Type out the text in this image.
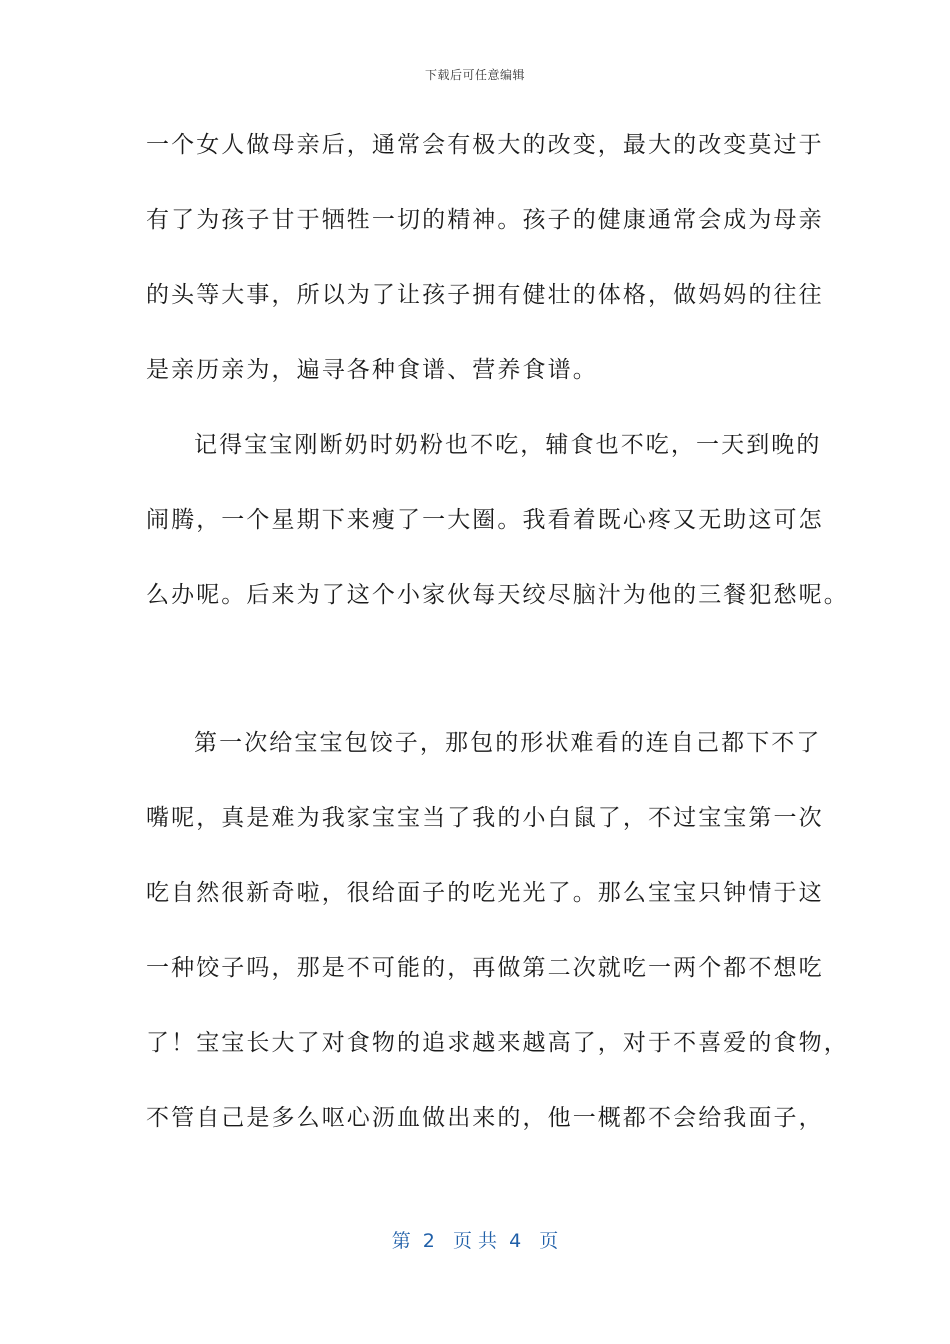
下载后可任意编辑
一个女人做母亲后，通常会有极大的改变，最大的改变莫过于
有了为孩子甘于牺牲一切的精神。孩子的健康通常会成为母亲
的头等大事，所以为了让孩子拥有健壮的体格，做妈妈的往往
是亲历亲为，遍寻各种食谱、营养食谱。
记得宝宝刚断奶时奶粉也不吃，辅食也不吃，一天到晚的
闹腾，一个星期下来瘦了一大圈。我看着既心疼又无助这可怎
么办呢。后来为了这个小家伙每天绞尽脑汁为他的三餐犯愁呢。
第一次给宝宝包饺子，那包的形状难看的连自己都下不了
嘴呢，真是难为我家宝宝当了我的小白鼠了，不过宝宝第一次
吃自然很新奇啦，很给面子的吃光光了。那么宝宝只钟情于这
一种饺子吗，那是不可能的，再做第二次就吃一两个都不想吃
了！宝宝长大了对食物的追求越来越高了，对于不喜爱的食物，
不管自己是多么呕心沥血做出来的，他一概都不会给我面子，
第  2   页 共  4   页
